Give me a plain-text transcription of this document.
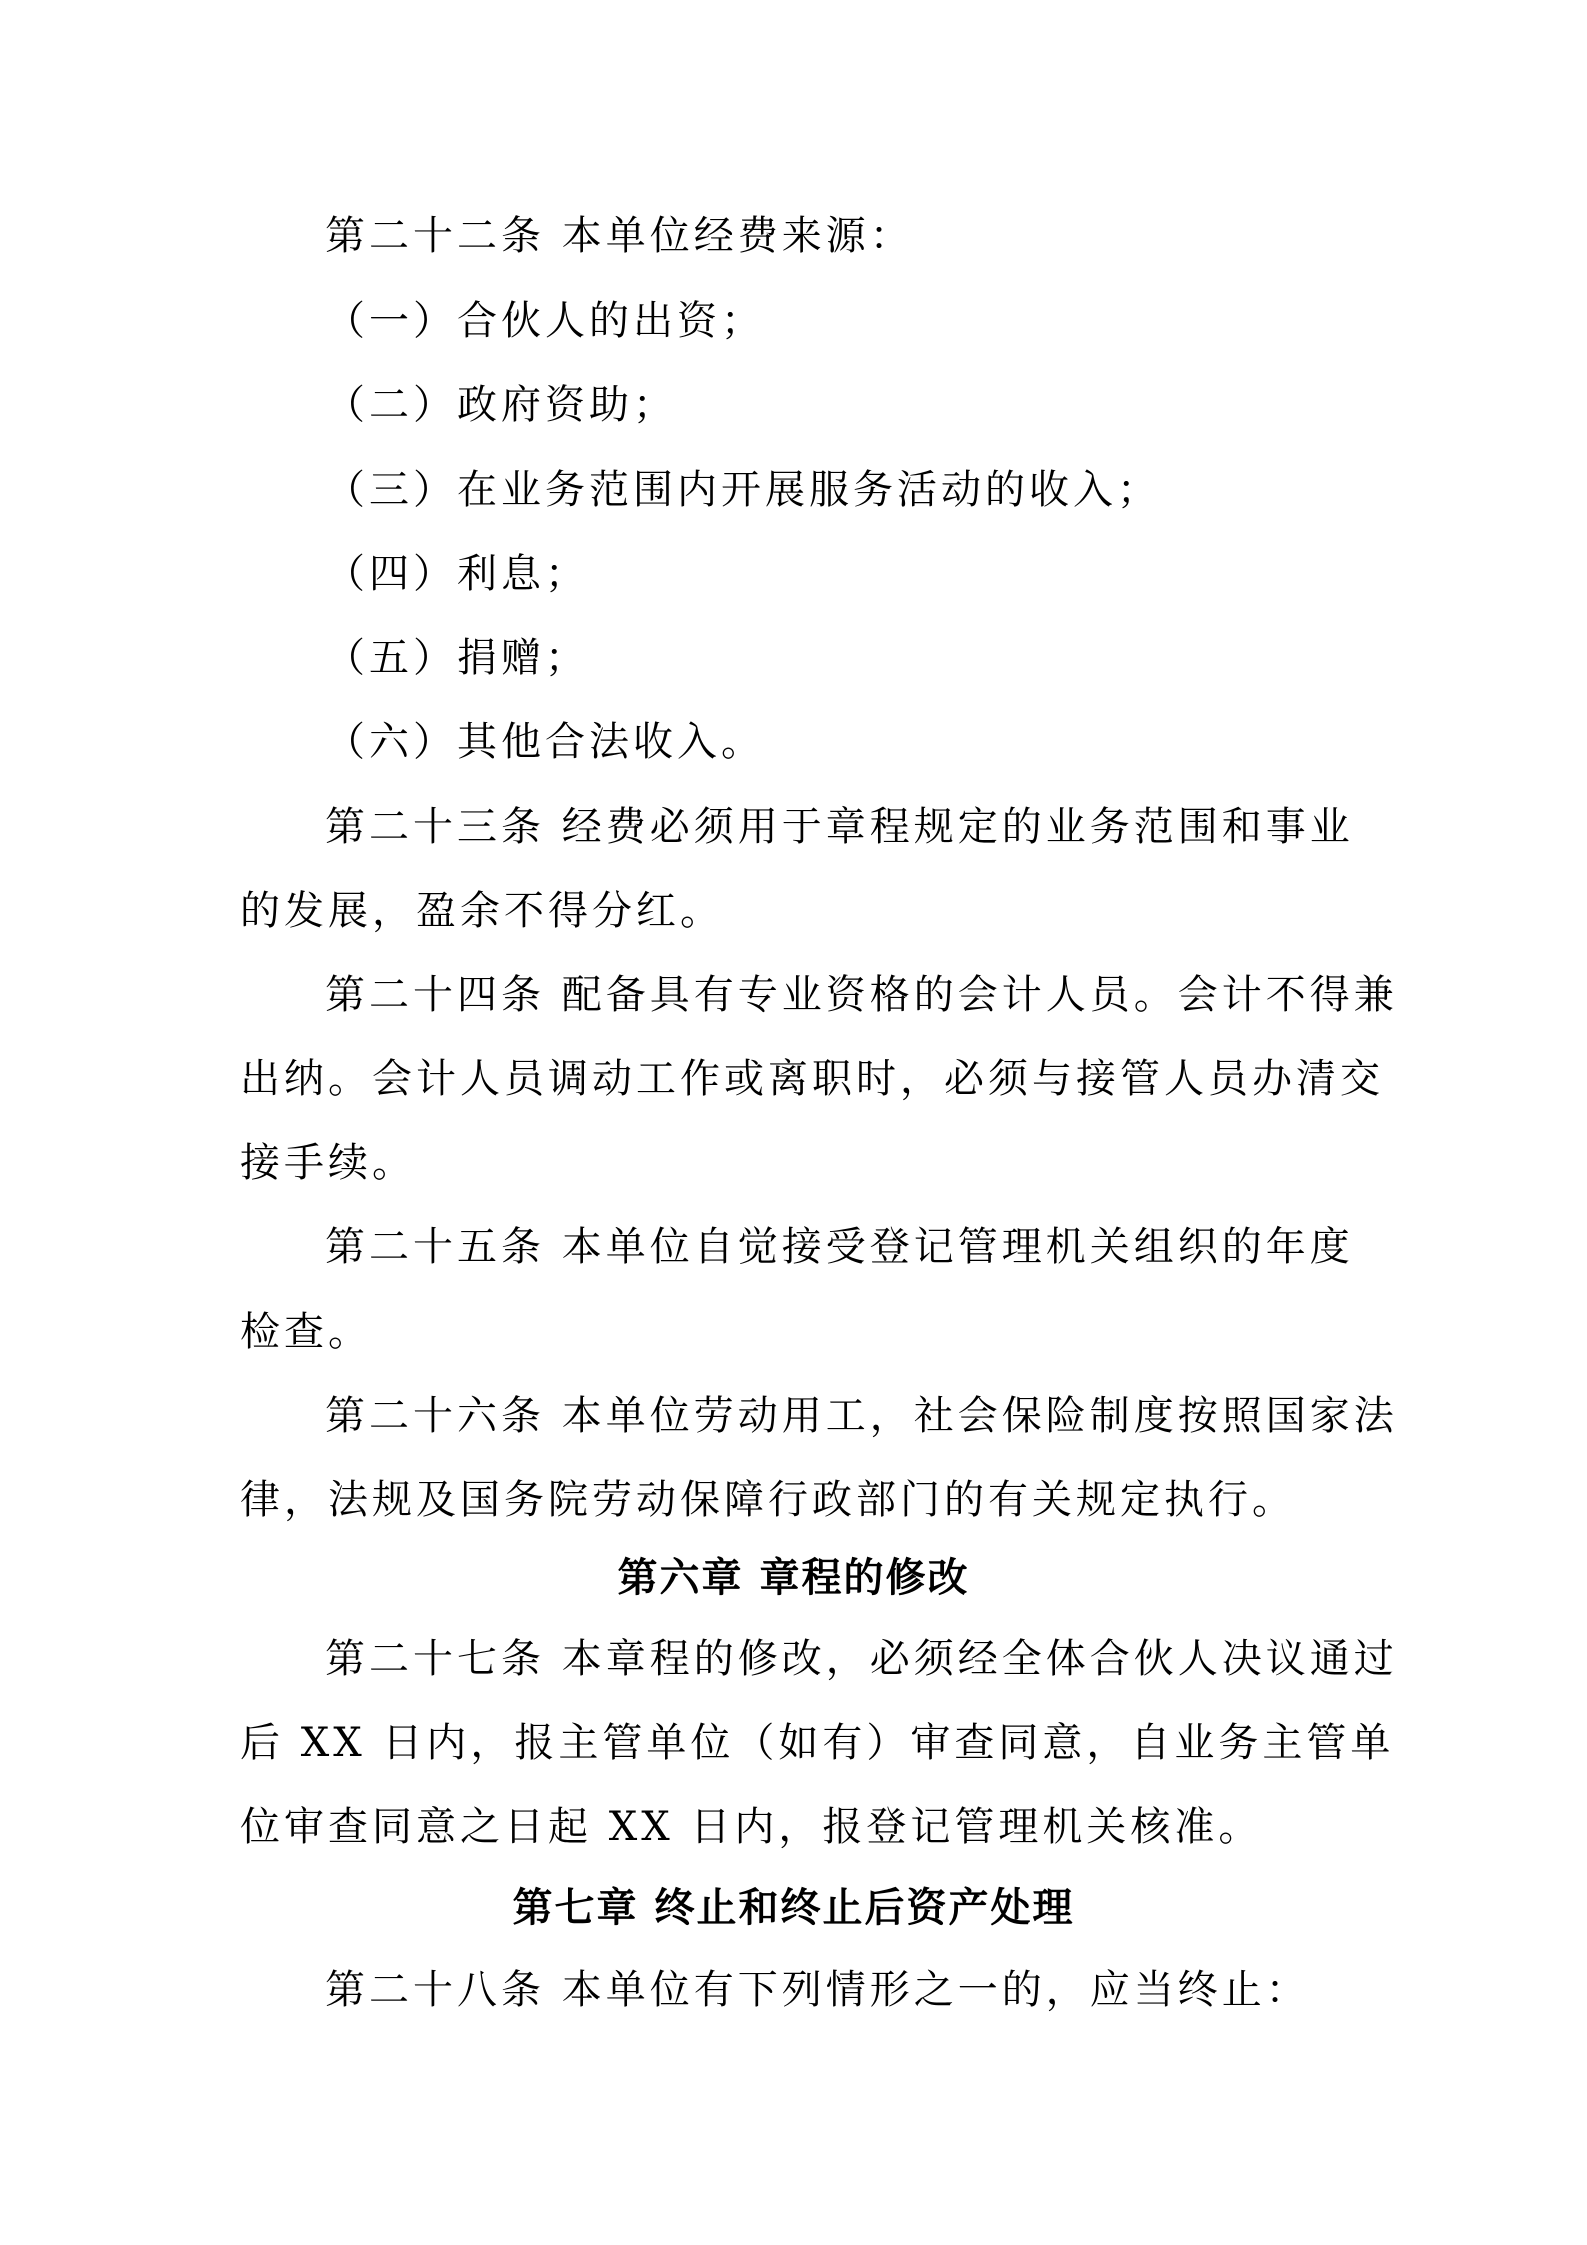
第二十二条 本单位经费来源：
（一）合伙人的出资；
（二）政府资助；
（三）在业务范围内开展服务活动的收入；
（四）利息；
（五）捐赠；
（六）其他合法收入。
第二十三条 经费必须用于章程规定的业务范围和事业
的发展，盈余不得分红。
第二十四条 配备具有专业资格的会计人员。会计不得兼
出纳。会计人员调动工作或离职时，必须与接管人员办清交
接手续。
第二十五条 本单位自觉接受登记管理机关组织的年度
检查。
第二十六条 本单位劳动用工，社会保险制度按照国家法
律，法规及国务院劳动保障行政部门的有关规定执行。
第六章 章程的修改
第二十七条 本章程的修改，必须经全体合伙人决议通过
后 XX 日内，报主管单位（如有）审查同意，自业务主管单
位审查同意之日起 XX 日内，报登记管理机关核准。
第七章 终止和终止后资产处理
第二十八条 本单位有下列情形之一的，应当终止：
